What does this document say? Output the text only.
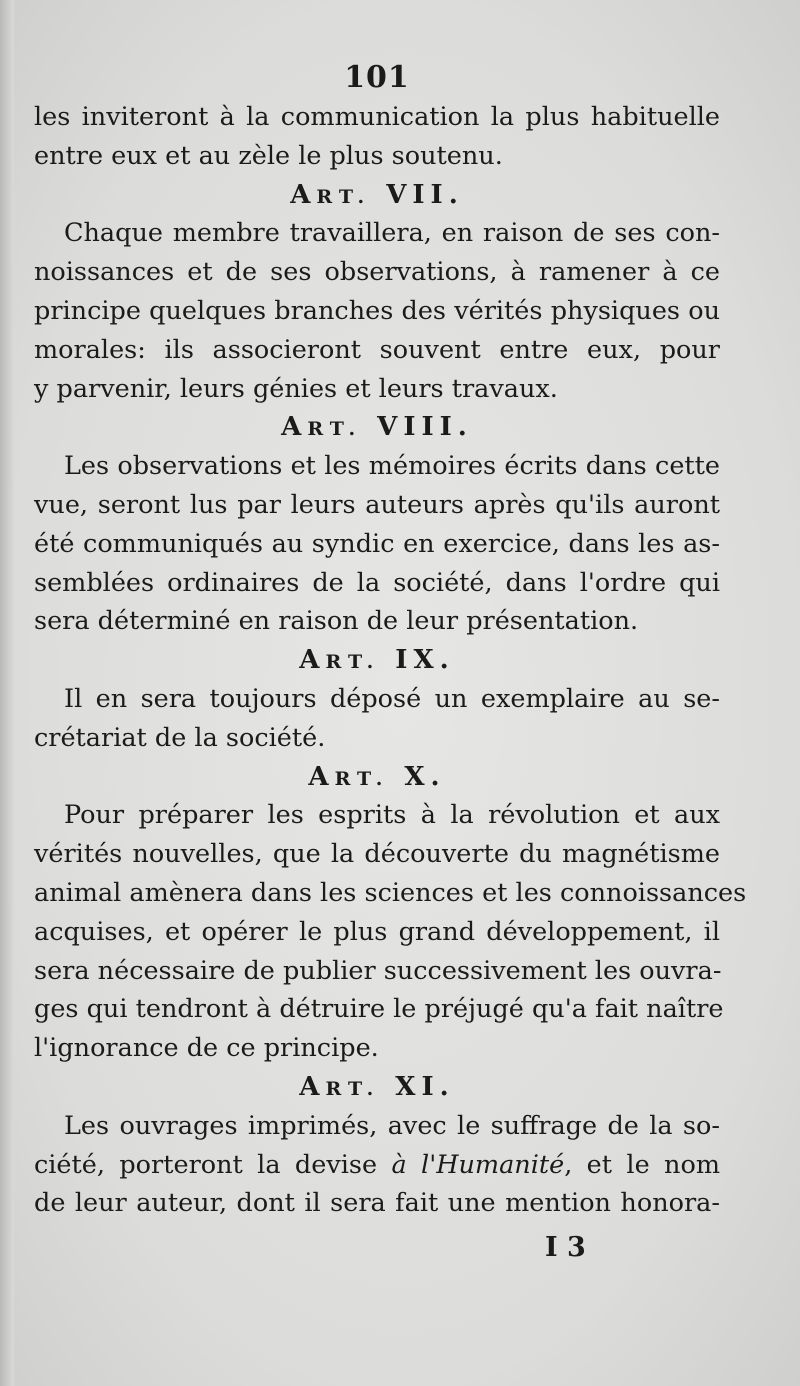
101
les inviteront à la communication la plus habituelle
entre eux et au zèle le plus soutenu.
ART. VII.
Chaque membre travaillera, en raison de ses con-
noissances et de ses observations, à ramener à ce
principe quelques branches des vérités physiques ou
morales: ils associeront souvent entre eux, pour
y parvenir, leurs génies et leurs travaux.
ART. VIII.
Les observations et les mémoires écrits dans cette
vue, seront lus par leurs auteurs après qu'ils auront
été communiqués au syndic en exercice, dans les as-
semblées ordinaires de la société, dans l'ordre qui
sera déterminé en raison de leur présentation.
ART. IX.
Il en sera toujours déposé un exemplaire au se-
crétariat de la société.
ART. X.
Pour préparer les esprits à la révolution et aux
vérités nouvelles, que la découverte du magnétisme
animal amènera dans les sciences et les connoissances
acquises, et opérer le plus grand développement, il
sera nécessaire de publier successivement les ouvra-
ges qui tendront à détruire le préjugé qu'a fait naître
l'ignorance de ce principe.
ART. XI.
Les ouvrages imprimés, avec le suffrage de la so-
ciété, porteront la devise à l'Humanité, et le nom
de leur auteur, dont il sera fait une mention honora-
I 3
